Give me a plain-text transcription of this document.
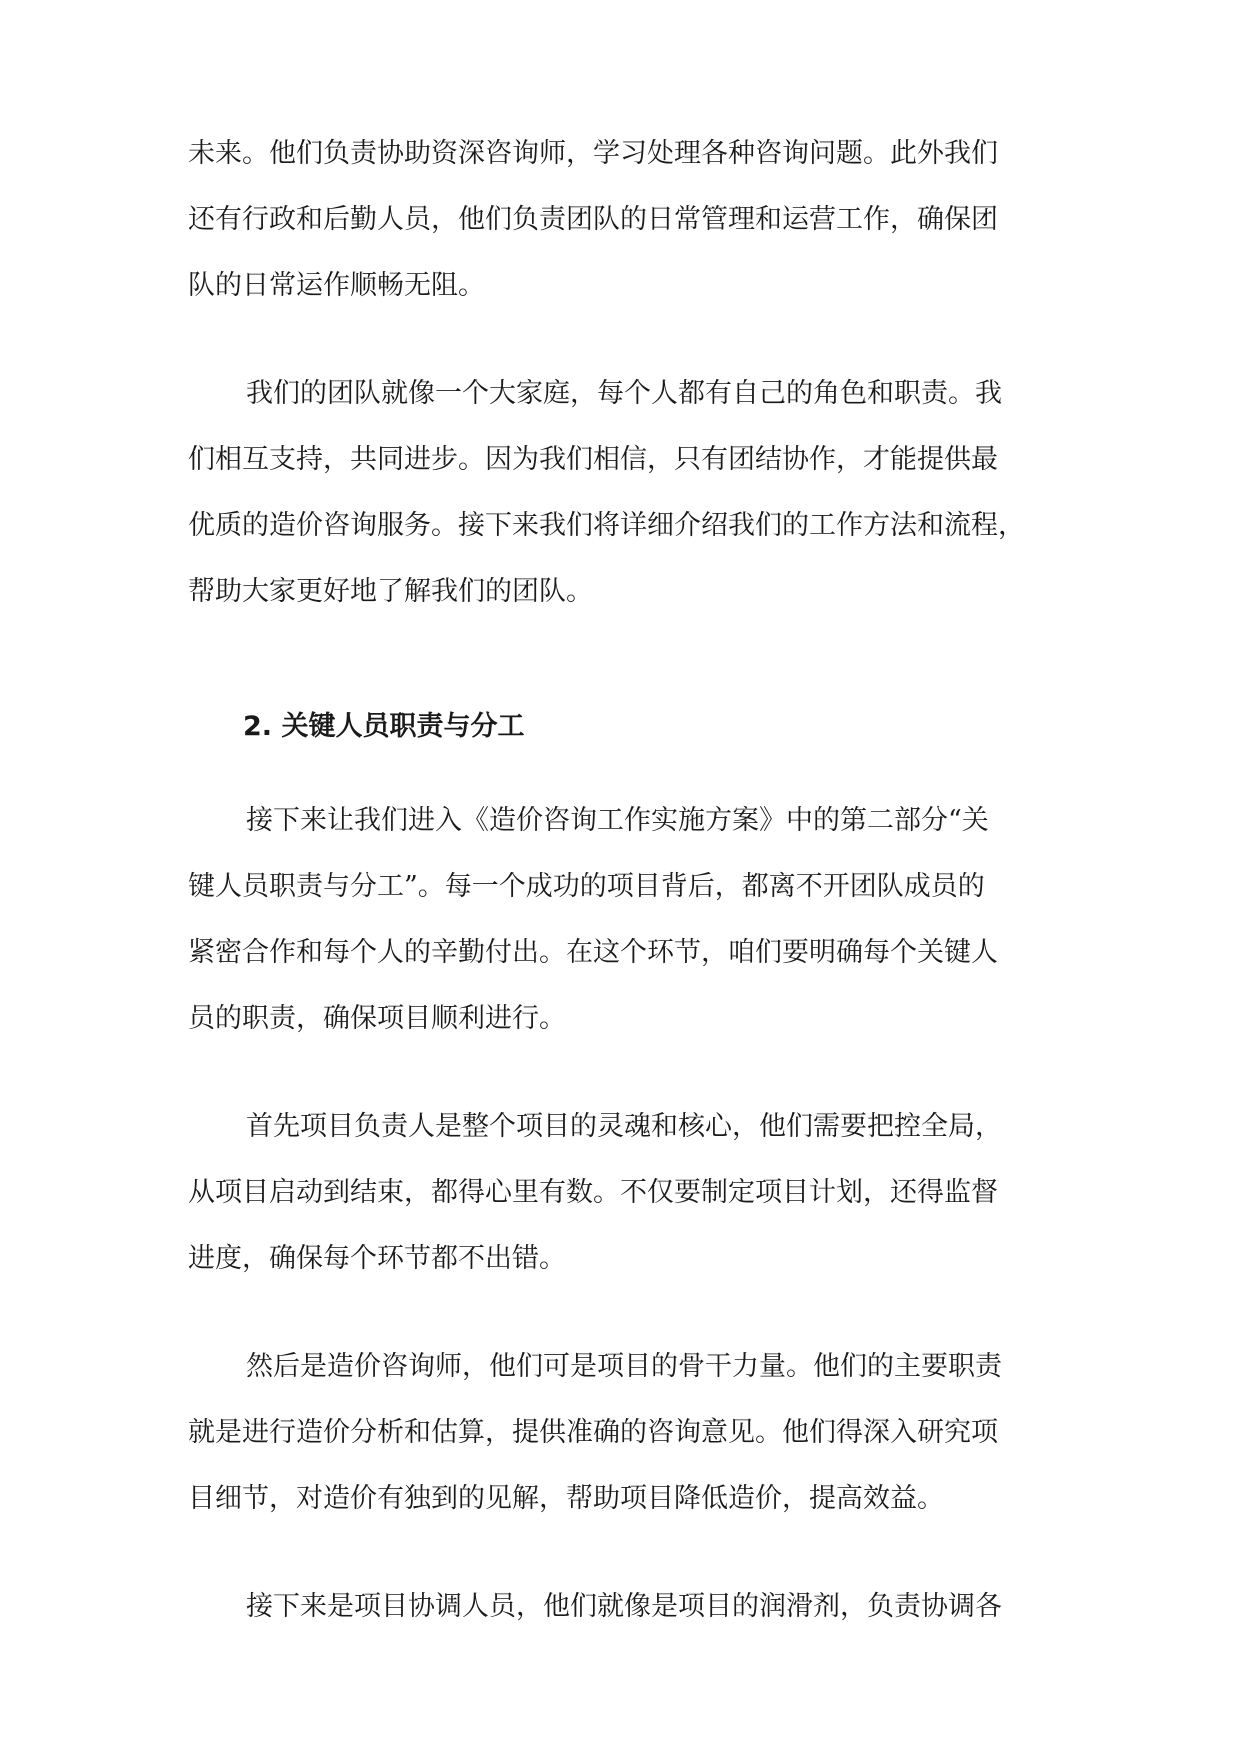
未来。他们负责协助资深咨询师，学习处理各种咨询问题。此外我们
还有行政和后勤人员，他们负责团队的日常管理和运营工作，确保团
队的日常运作顺畅无阻。
我们的团队就像一个大家庭，每个人都有自己的角色和职责。我
们相互支持，共同进步。因为我们相信，只有团结协作，才能提供最
优质的造价咨询服务。接下来我们将详细介绍我们的工作方法和流程，
帮助大家更好地了解我们的团队。
2. 关键人员职责与分工
接下来让我们进入《造价咨询工作实施方案》中的第二部分“关
键人员职责与分工”。每一个成功的项目背后，都离不开团队成员的
紧密合作和每个人的辛勤付出。在这个环节，咱们要明确每个关键人
员的职责，确保项目顺利进行。
首先项目负责人是整个项目的灵魂和核心，他们需要把控全局，
从项目启动到结束，都得心里有数。不仅要制定项目计划，还得监督
进度，确保每个环节都不出错。
然后是造价咨询师，他们可是项目的骨干力量。他们的主要职责
就是进行造价分析和估算，提供准确的咨询意见。他们得深入研究项
目细节，对造价有独到的见解，帮助项目降低造价，提高效益。
接下来是项目协调人员，他们就像是项目的润滑剂，负责协调各
